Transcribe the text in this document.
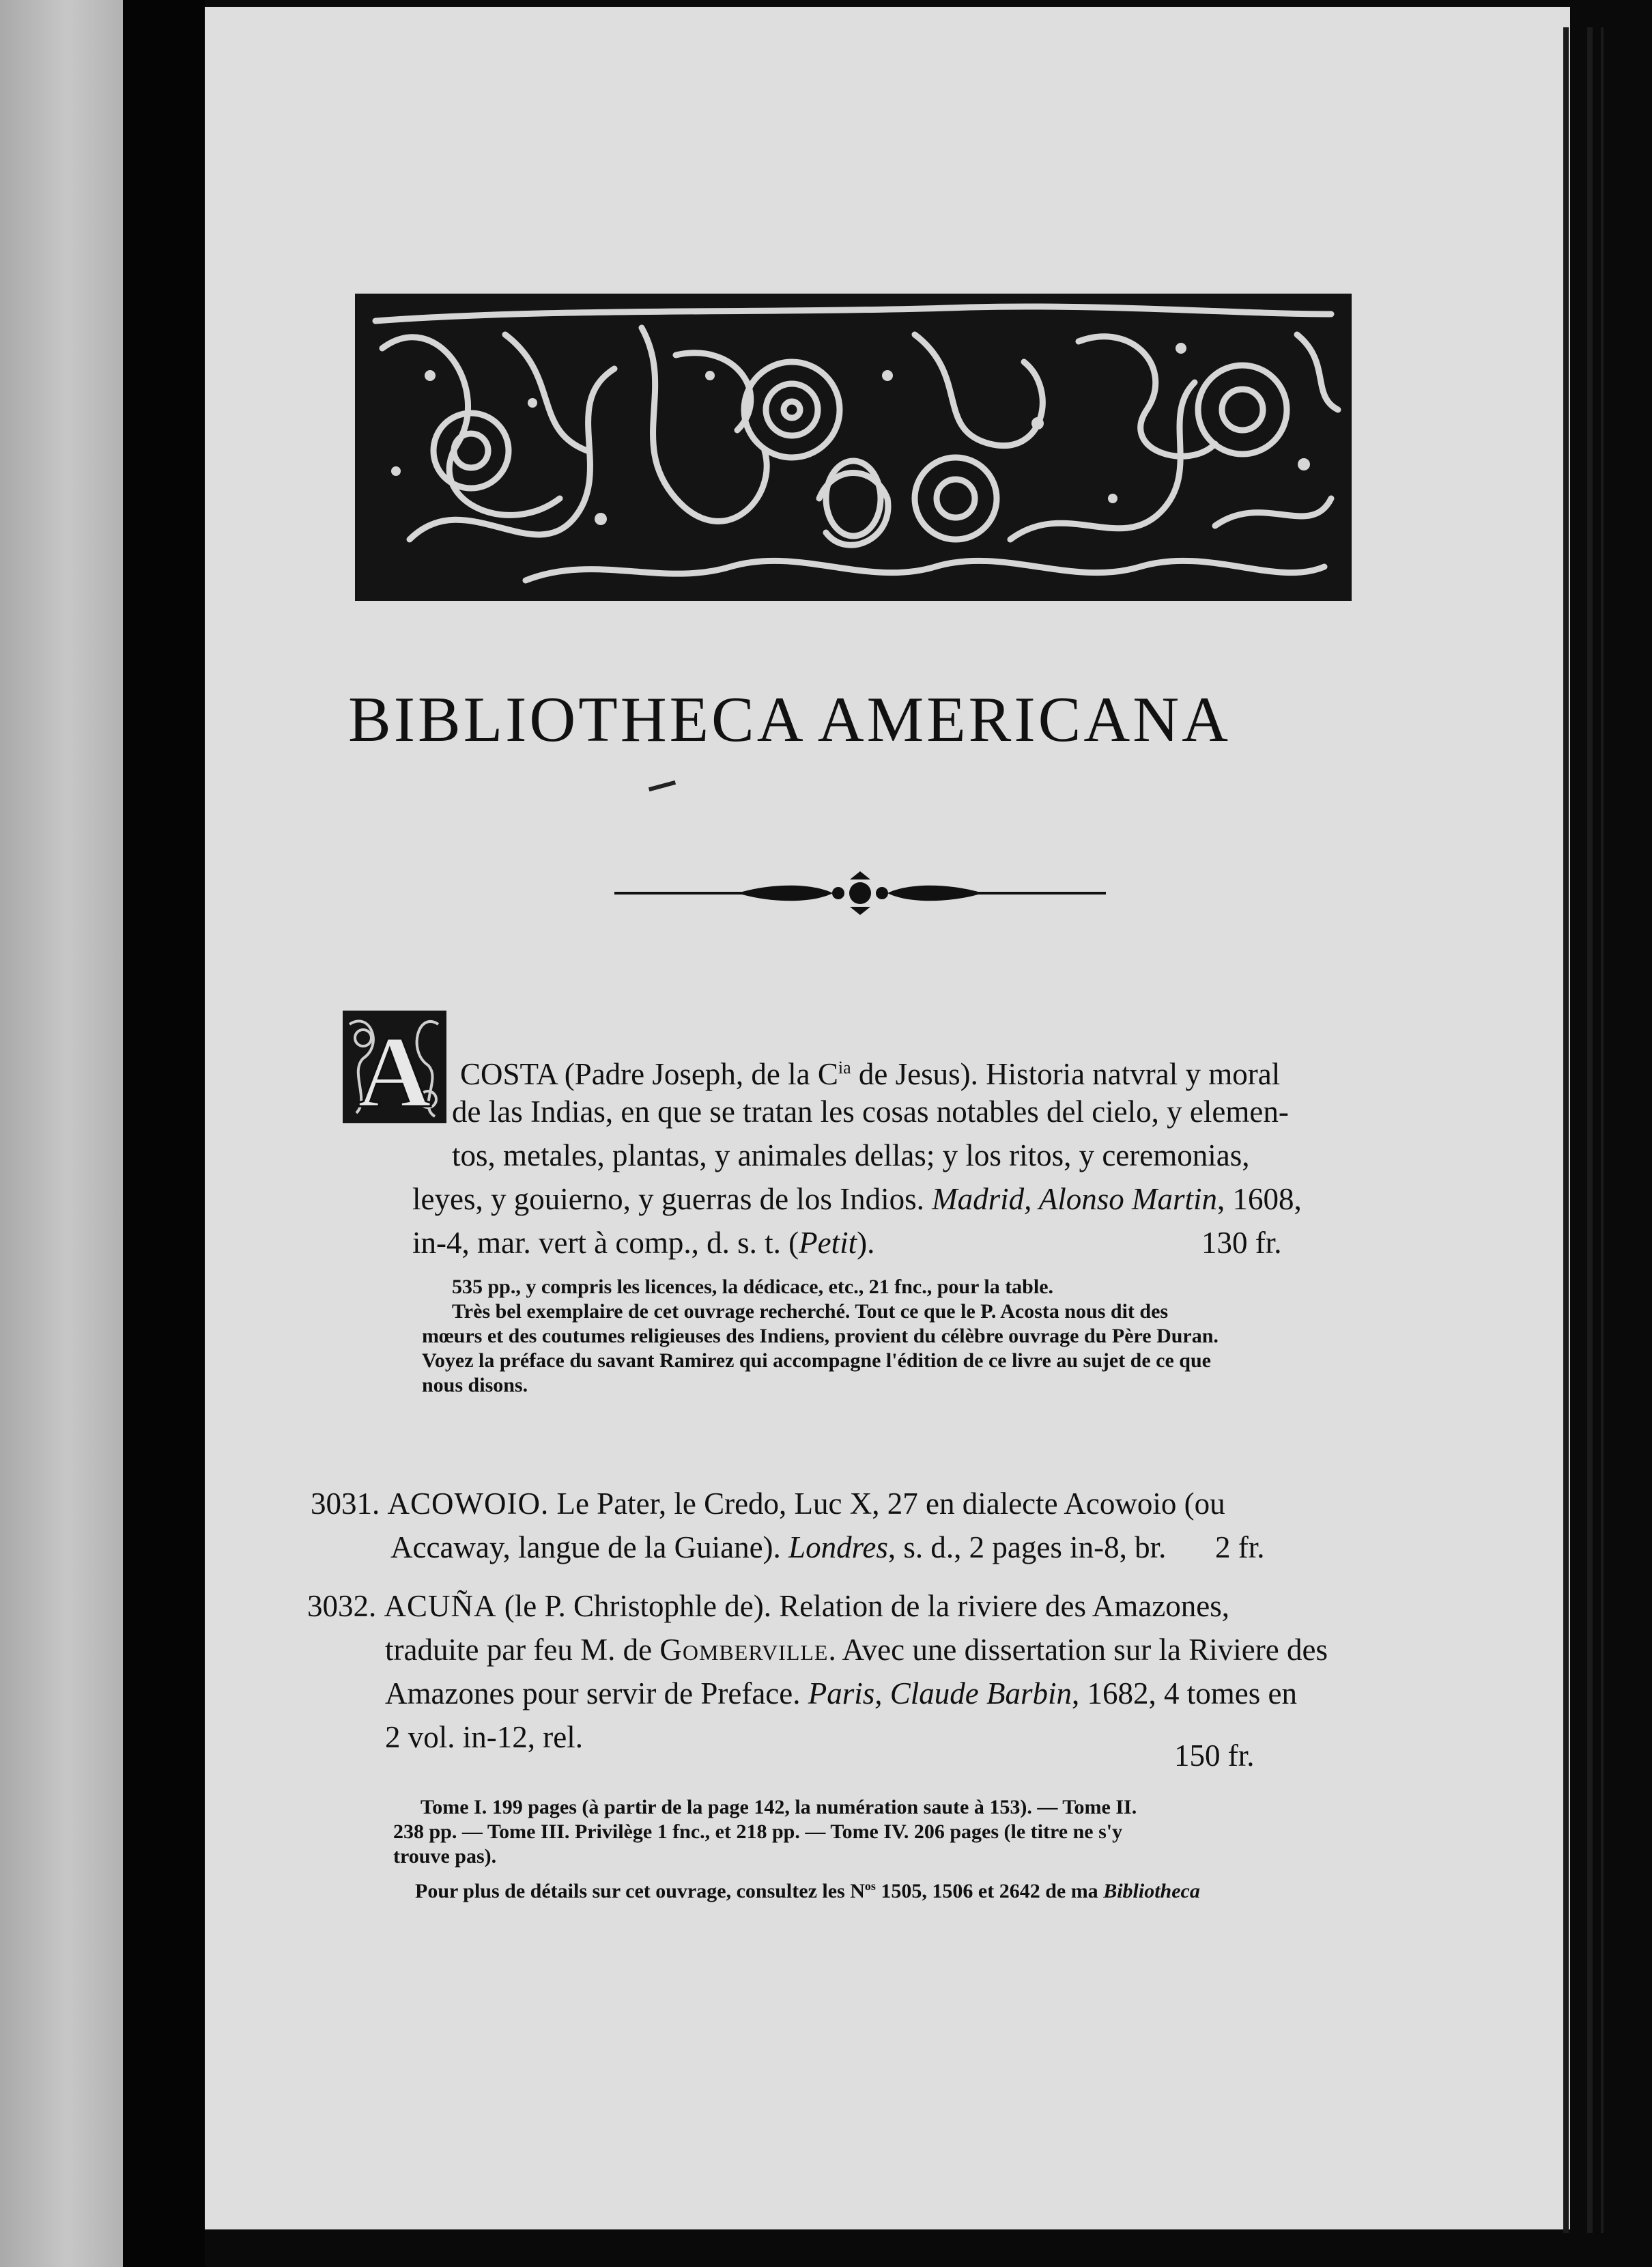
BIBLIOTHECA AMERICANA
A COSTA (Padre Joseph, de la $C^{ia}$ de Jesus). Historia natvral y moral
de las Indias, en que se tratan les cosas notables del cielo, y elemen-
tos, metales, plantas, y animales dellas; y los ritos, y ceremonias,
leyes, y gouierno, y guerras de los Indios. Madrid, Alonso Martin, 1608,
in-4, mar. vert à comp., d. s. t. (Petit).	130 fr.
535 pp., y compris les licences, la dédicace, etc., 21 fnc., pour la table.
Très bel exemplaire de cet ouvrage recherché. Tout ce que le P. Acosta nous dit des
mœurs et des coutumes religieuses des Indiens, provient du célèbre ouvrage du Père Duran.
Voyez la préface du savant Ramirez qui accompagne l'édition de ce livre au sujet de ce que
nous disons.
3031. ACOWOIO. Le Pater, le Credo, Luc X, 27 en dialecte Acowoio (ou
Accaway, langue de la Guiane). Londres, s. d., 2 pages in-8, br. 2 fr.
3032. ACUÑA (le P. Christophle de). Relation de la riviere des Amazones,
traduite par feu M. de Gomberville. Avec une dissertation sur la Riviere des
Amazones pour servir de Preface. Paris, Claude Barbin, 1682, 4 tomes en
2 vol. in-12, rel.
150 fr.
Tome I. 199 pages (à partir de la page 142, la numération saute à 153). — Tome II.
238 pp. — Tome III. Privilège 1 fnc., et 218 pp. — Tome IV. 206 pages (le titre ne s'y
trouve pas).
Pour plus de détails sur cet ouvrage, consultez les $N^{os}$ 1505, 1506 et 2642 de ma Bibliotheca
